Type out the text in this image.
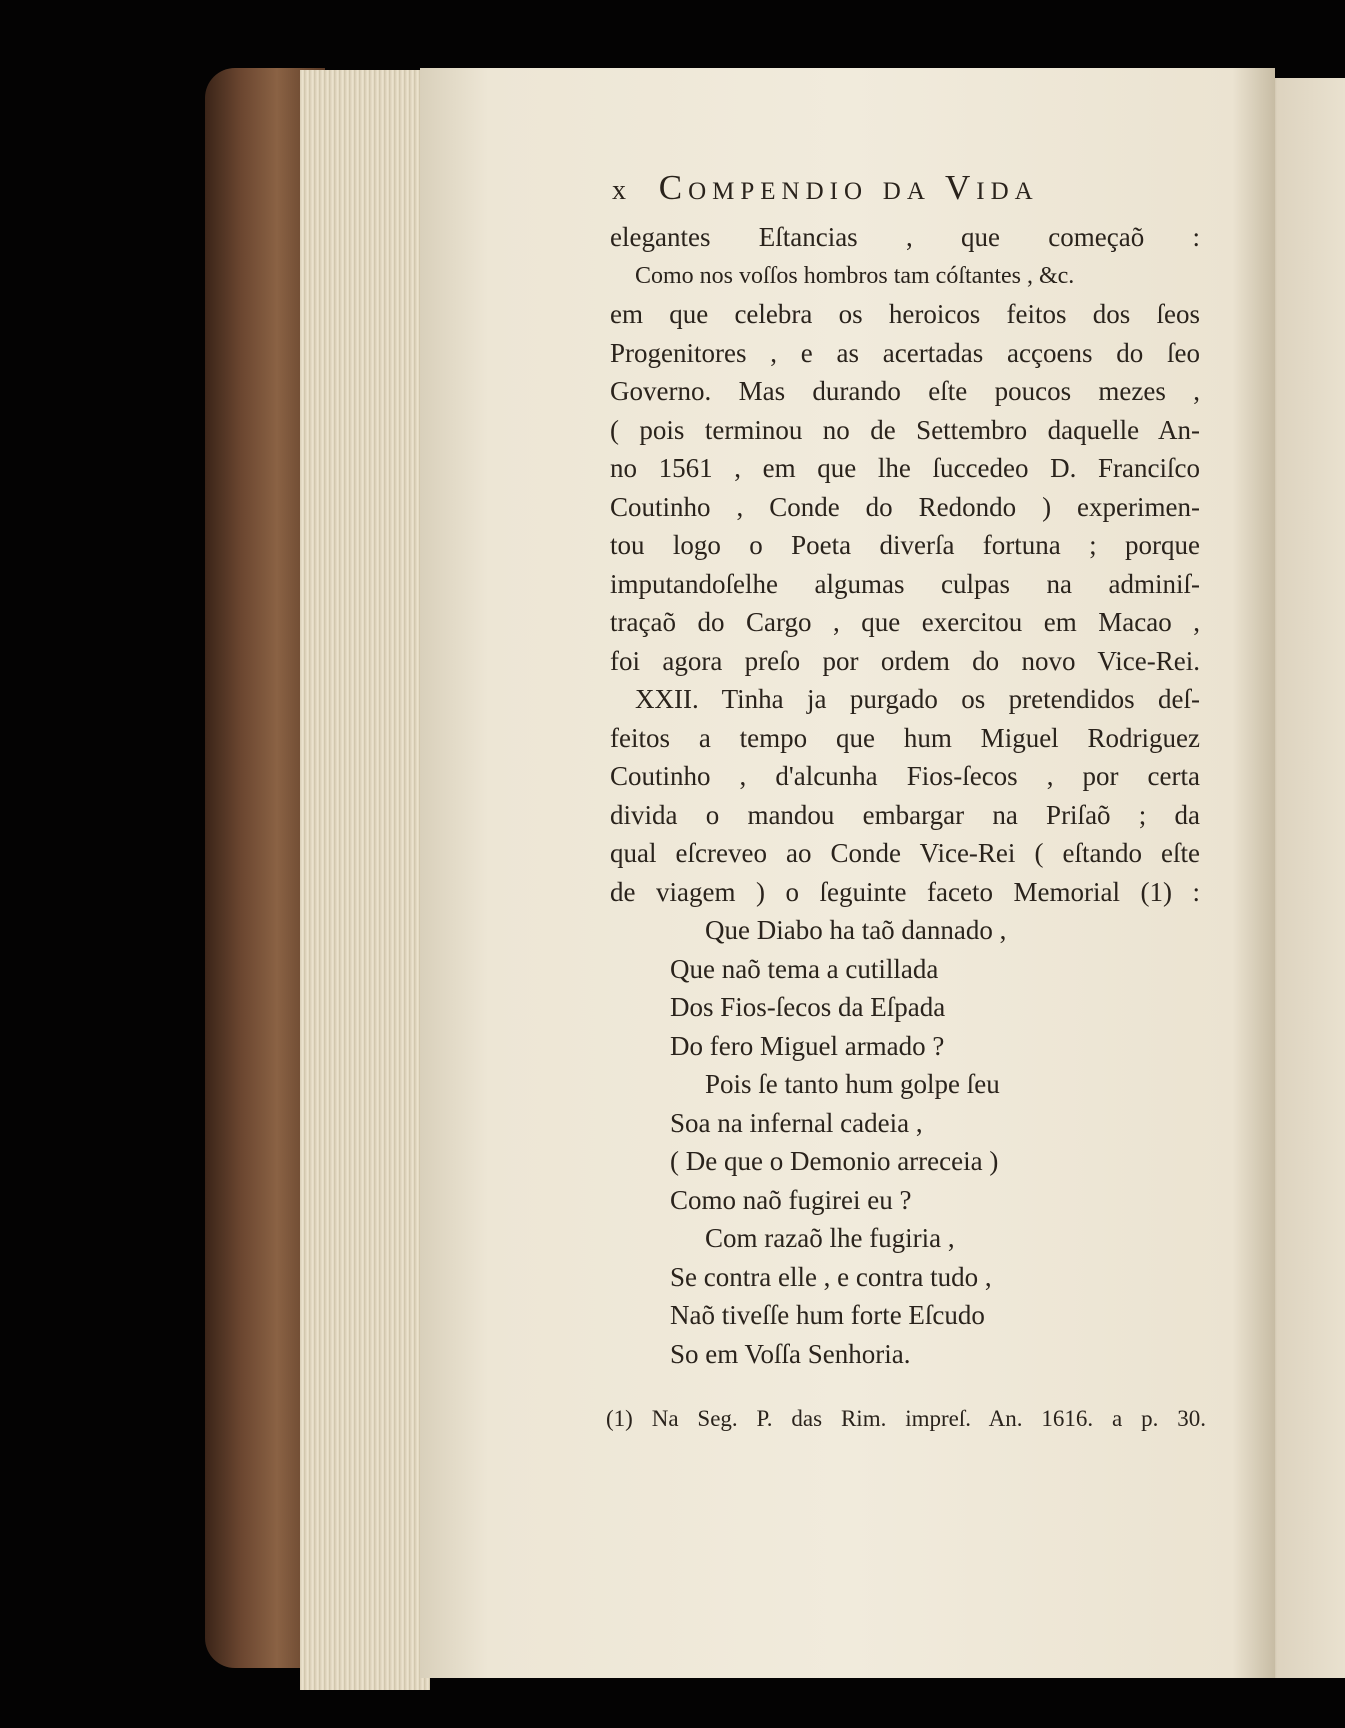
x Compendio da Vida
elegantes Eſtancias , que começaõ :
Como nos voſſos hombros tam cóſtantes , &c.
em que celebra os heroicos feitos dos ſeos
Progenitores , e as acertadas acçoens do ſeo
Governo. Mas durando eſte poucos mezes ,
( pois terminou no de Settembro daquelle An-
no 1561 , em que lhe ſuccedeo D. Franciſco
Coutinho , Conde do Redondo ) experimen-
tou logo o Poeta diverſa fortuna ; porque
imputandoſelhe algumas culpas na adminiſ-
traçaõ do Cargo , que exercitou em Macao ,
foi agora preſo por ordem do novo Vice-Rei.
XXII. Tinha ja purgado os pretendidos deſ-
feitos a tempo que hum Miguel Rodriguez
Coutinho , d'alcunha Fios-ſecos , por certa
divida o mandou embargar na Priſaõ ; da
qual eſcreveo ao Conde Vice-Rei ( eſtando eſte
de viagem ) o ſeguinte faceto Memorial (1) :
Que Diabo ha taõ dannado ,
Que naõ tema a cutillada
Dos Fios-ſecos da Eſpada
Do fero Miguel armado ?
Pois ſe tanto hum golpe ſeu
Soa na infernal cadeia ,
( De que o Demonio arreceia )
Como naõ fugirei eu ?
Com razaõ lhe fugiria ,
Se contra elle , e contra tudo ,
Naõ tiveſſe hum forte Eſcudo
So em Voſſa Senhoria.
(1) Na Seg. P. das Rim. impreſ. An. 1616. a p. 30.
